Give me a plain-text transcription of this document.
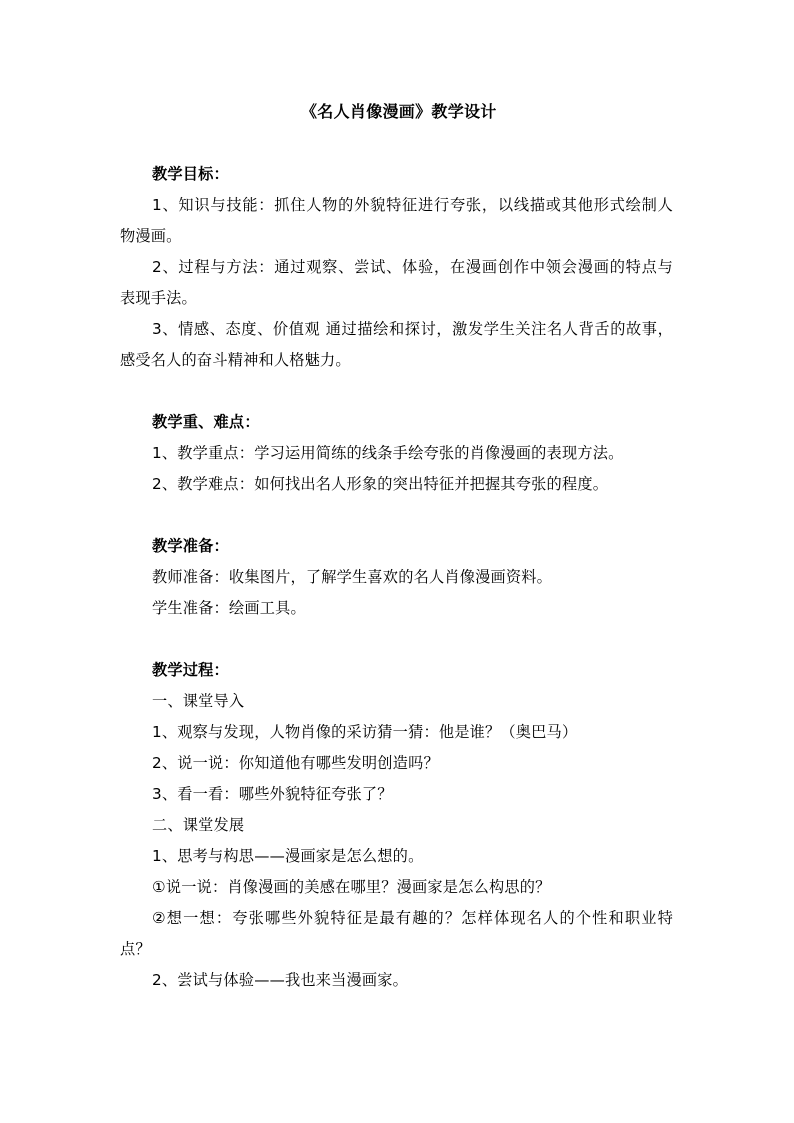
《名人肖像漫画》教学设计
教学目标：
1、知识与技能：抓住人物的外貌特征进行夸张，以线描或其他形式绘制人
物漫画。
2、过程与方法：通过观察、尝试、体验，在漫画创作中领会漫画的特点与
表现手法。
3、情感、态度、价值观 通过描绘和探讨，激发学生关注名人背舌的故事，
感受名人的奋斗精神和人格魅力。
教学重、难点：
1、教学重点：学习运用简练的线条手绘夸张的肖像漫画的表现方法。
2、教学难点：如何找出名人形象的突出特征并把握其夸张的程度。
教学准备：
教师准备：收集图片，了解学生喜欢的名人肖像漫画资料。
学生准备：绘画工具。
教学过程：
一、课堂导入
1、观察与发现，人物肖像的采访猜一猜：他是谁？（奥巴马）
2、说一说：你知道他有哪些发明创造吗？
3、看一看：哪些外貌特征夸张了？
二、课堂发展
1、思考与构思——漫画家是怎么想的。
①说一说：肖像漫画的美感在哪里？漫画家是怎么构思的？
②想一想：夸张哪些外貌特征是最有趣的？怎样体现名人的个性和职业特
点？
2、尝试与体验——我也来当漫画家。
